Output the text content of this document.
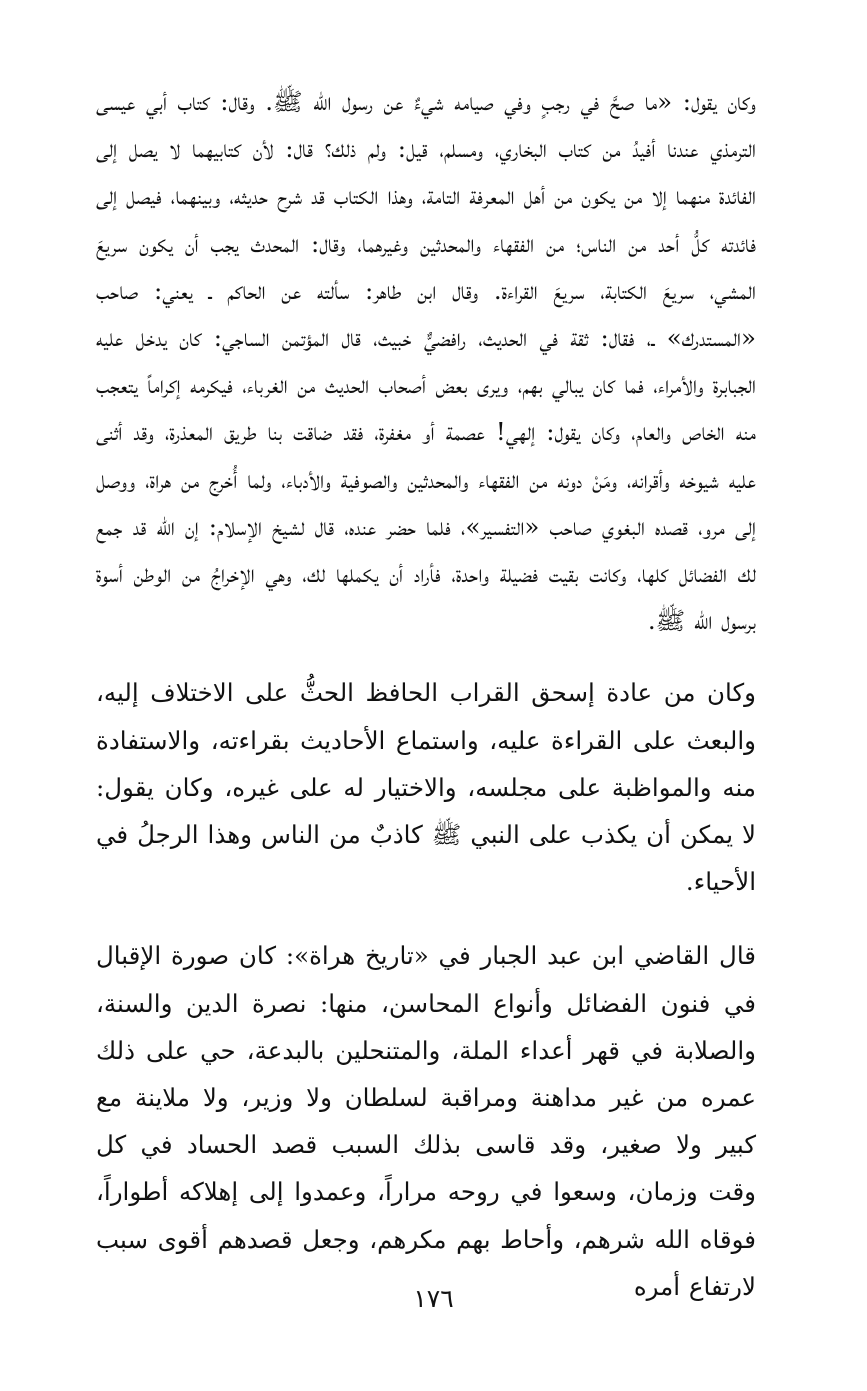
وكان يقول: «ما صحَّ في رجبٍ وفي صيامه شيءٌ عن رسول الله ﷺ. وقال: كتاب أبي عيسى الترمذي عندنا أفيدُ من كتاب البخاري، ومسلم، قيل: ولم ذلك؟ قال: لأن كتابيهما لا يصل إلى الفائدة منهما إلا من يكون من أهل المعرفة التامة، وهذا الكتاب قد شرح حديثه، وبينهما، فيصل إلى فائدته كلُّ أحد من الناس؛ من الفقهاء والمحدثين وغيرهما، وقال: المحدث يجب أن يكون سريعَ المشي، سريعَ الكتابة، سريعَ القراءة. وقال ابن طاهر: سألته عن الحاكم ـ يعني: صاحب «المستدرك» ـ، فقال: ثقة في الحديث، رافضيٌّ خبيث، قال المؤتمن الساجي: كان يدخل عليه الجبابرة والأمراء، فما كان يبالي بهم، ويرى بعض أصحاب الحديث من الغرباء، فيكرمه إكراماً يتعجب منه الخاص والعام، وكان يقول: إلهي! عصمة أو مغفرة، فقد ضاقت بنا طريق المعذرة، وقد أثنى عليه شيوخه وأقرانه، ومَنْ دونه من الفقهاء والمحدثين والصوفية والأدباء، ولما أُخرج من هراة، ووصل إلى مرو، قصده البغوي صاحب «التفسير»، فلما حضر عنده، قال لشيخ الإسلام: إن الله قد جمع لك الفضائل كلها، وكانت بقيت فضيلة واحدة، فأراد أن يكملها لك، وهي الإخراجُ من الوطن أسوة برسول الله ﷺ.

وكان من عادة إسحق القراب الحافظ الحثُّ على الاختلاف إليه، والبعث على القراءة عليه، واستماع الأحاديث بقراءته، والاستفادة منه والمواظبة على مجلسه، والاختيار له على غيره، وكان يقول: لا يمكن أن يكذب على النبي ﷺ كاذبٌ من الناس وهذا الرجلُ في الأحياء.

قال القاضي ابن عبد الجبار في «تاريخ هراة»: كان صورة الإقبال في فنون الفضائل وأنواع المحاسن، منها: نصرة الدين والسنة، والصلابة في قهر أعداء الملة، والمتنحلين بالبدعة، حي على ذلك عمره من غير مداهنة ومراقبة لسلطان ولا وزير، ولا ملاينة مع كبير ولا صغير، وقد قاسى بذلك السبب قصد الحساد في كل وقت وزمان، وسعوا في روحه مراراً، وعمدوا إلى إهلاكه أطواراً، فوقاه الله شرهم، وأحاط بهم مكرهم، وجعل قصدهم أقوى سبب لارتفاع أمره

١٧٦
